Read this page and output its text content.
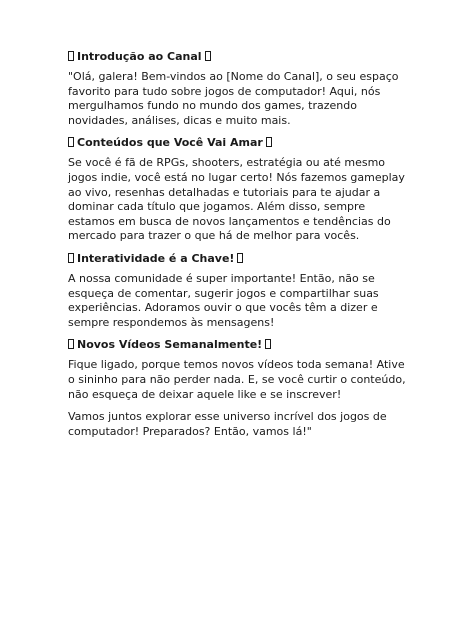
Introdução ao Canal

"Olá, galera! Bem-vindos ao [Nome do Canal], o seu espaço favorito para tudo sobre jogos de computador! Aqui, nós mergulhamos fundo no mundo dos games, trazendo novidades, análises, dicas e muito mais.

Conteúdos que Você Vai Amar

Se você é fã de RPGs, shooters, estratégia ou até mesmo jogos indie, você está no lugar certo! Nós fazemos gameplay ao vivo, resenhas detalhadas e tutoriais para te ajudar a dominar cada título que jogamos. Além disso, sempre estamos em busca de novos lançamentos e tendências do mercado para trazer o que há de melhor para vocês.

Interatividade é a Chave!

A nossa comunidade é super importante! Então, não se esqueça de comentar, sugerir jogos e compartilhar suas experiências. Adoramos ouvir o que vocês têm a dizer e sempre respondemos às mensagens!

Novos Vídeos Semanalmente!

Fique ligado, porque temos novos vídeos toda semana! Ative o sininho para não perder nada. E, se você curtir o conteúdo, não esqueça de deixar aquele like e se inscrever!

Vamos juntos explorar esse universo incrível dos jogos de computador! Preparados? Então, vamos lá!"
